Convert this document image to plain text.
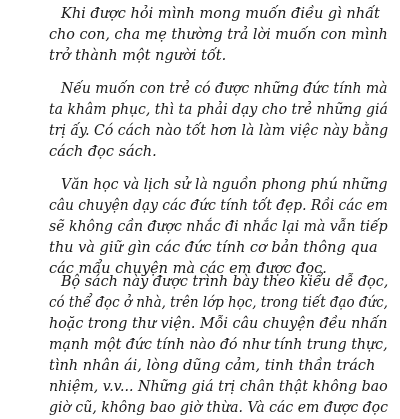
Khi được hỏi mình mong muốn điều gì nhất
cho con, cha mẹ thường trả lời muốn con mình
trở thành một người tốt.
Nếu muốn con trẻ có được những đức tính mà
ta khâm phục, thì ta phải dạy cho trẻ những giá
trị ấy. Có cách nào tốt hơn là làm việc này bằng
cách đọc sách.
Văn học và lịch sử là nguồn phong phú những
câu chuyện dạy các đức tính tốt đẹp. Rồi các em
sẽ không cần được nhắc đi nhắc lại mà vẫn tiếp
thu và giữ gìn các đức tính cơ bản thông qua
các mẩu chuyện mà các em được đọc.
Bộ sách này được trình bày theo kiểu dễ đọc,
có thể đọc ở nhà, trên lớp học, trong tiết đạo đức,
hoặc trong thư viện. Mỗi câu chuyện đều nhấn
mạnh một đức tính nào đó như tính trung thực,
tình nhân ái, lòng dũng cảm, tinh thần trách
nhiệm, v.v... Những giá trị chân thật không bao
giờ cũ, không bao giờ thừa. Và các em được đọc
